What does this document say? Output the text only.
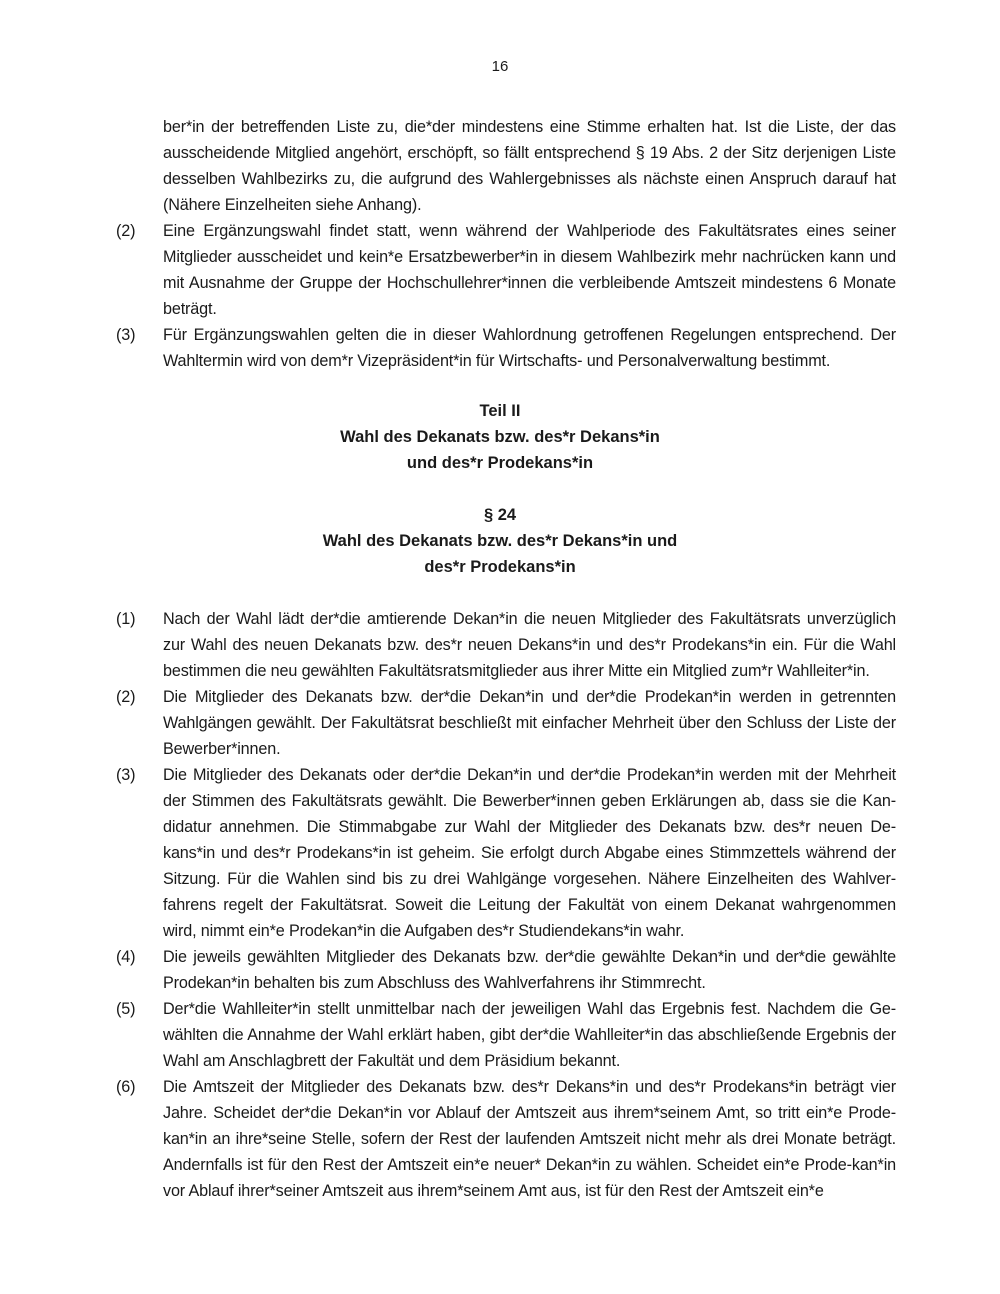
16
ber*in der betreffenden Liste zu, die*der mindestens eine Stimme erhalten hat. Ist die Liste, der das ausscheidende Mitglied angehört, erschöpft, so fällt entsprechend § 19 Abs. 2 der Sitz derjenigen Liste desselben Wahlbezirks zu, die aufgrund des Wahlergebnisses als nächste einen Anspruch darauf hat (Nähere Einzelheiten siehe Anhang).
(2)	Eine Ergänzungswahl findet statt, wenn während der Wahlperiode des Fakultätsrates eines seiner Mitglieder ausscheidet und kein*e Ersatzbewerber*in in diesem Wahlbezirk mehr nachrücken kann und mit Ausnahme der Gruppe der Hochschullehrer*innen die verbleibende Amtszeit mindestens 6 Monate beträgt.
(3)	Für Ergänzungswahlen gelten die in dieser Wahlordnung getroffenen Regelungen entsprechend. Der Wahltermin wird von dem*r Vizepräsident*in für Wirtschafts- und Personalverwaltung bestimmt.
Teil II
Wahl des Dekanats bzw. des*r Dekans*in
und des*r Prodekans*in
§ 24
Wahl des Dekanats bzw. des*r Dekans*in und
des*r Prodekans*in
(1)	Nach der Wahl lädt der*die amtierende Dekan*in die neuen Mitglieder des Fakultätsrats unverzüglich zur Wahl des neuen Dekanats bzw. des*r neuen Dekans*in und des*r Prodekans*in ein. Für die Wahl bestimmen die neu gewählten Fakultätsratsmitglieder aus ihrer Mitte ein Mitglied zum*r Wahlleiter*in.
(2)	Die Mitglieder des Dekanats bzw. der*die Dekan*in und der*die Prodekan*in werden in getrennten Wahlgängen gewählt. Der Fakultätsrat beschließt mit einfacher Mehrheit über den Schluss der Liste der Bewerber*innen.
(3)	Die Mitglieder des Dekanats oder der*die Dekan*in und der*die Prodekan*in werden mit der Mehrheit der Stimmen des Fakultätsrats gewählt. Die Bewerber*innen geben Erklärungen ab, dass sie die Kan-didatur annehmen. Die Stimmabgabe zur Wahl der Mitglieder des Dekanats bzw. des*r neuen De-kans*in und des*r Prodekans*in ist geheim. Sie erfolgt durch Abgabe eines Stimmzettels während der Sitzung. Für die Wahlen sind bis zu drei Wahlgänge vorgesehen. Nähere Einzelheiten des Wahlver-fahrens regelt der Fakultätsrat. Soweit die Leitung der Fakultät von einem Dekanat wahrgenommen wird, nimmt ein*e Prodekan*in die Aufgaben des*r Studiendekans*in wahr.
(4)	Die jeweils gewählten Mitglieder des Dekanats bzw. der*die gewählte Dekan*in und der*die gewählte Prodekan*in behalten bis zum Abschluss des Wahlverfahrens ihr Stimmrecht.
(5)	Der*die Wahlleiter*in stellt unmittelbar nach der jeweiligen Wahl das Ergebnis fest. Nachdem die Ge-wählten die Annahme der Wahl erklärt haben, gibt der*die Wahlleiter*in das abschließende Ergebnis der Wahl am Anschlagbrett der Fakultät und dem Präsidium bekannt.
(6)	Die Amtszeit der Mitglieder des Dekanats bzw. des*r Dekans*in und des*r Prodekans*in beträgt vier Jahre. Scheidet der*die Dekan*in vor Ablauf der Amtszeit aus ihrem*seinem Amt, so tritt ein*e Prode-kan*in an ihre*seine Stelle, sofern der Rest der laufenden Amtszeit nicht mehr als drei Monate beträgt. Andernfalls ist für den Rest der Amtszeit ein*e neuer* Dekan*in zu wählen. Scheidet ein*e Prode-kan*in vor Ablauf ihrer*seiner Amtszeit aus ihrem*seinem Amt aus, ist für den Rest der Amtszeit ein*e
